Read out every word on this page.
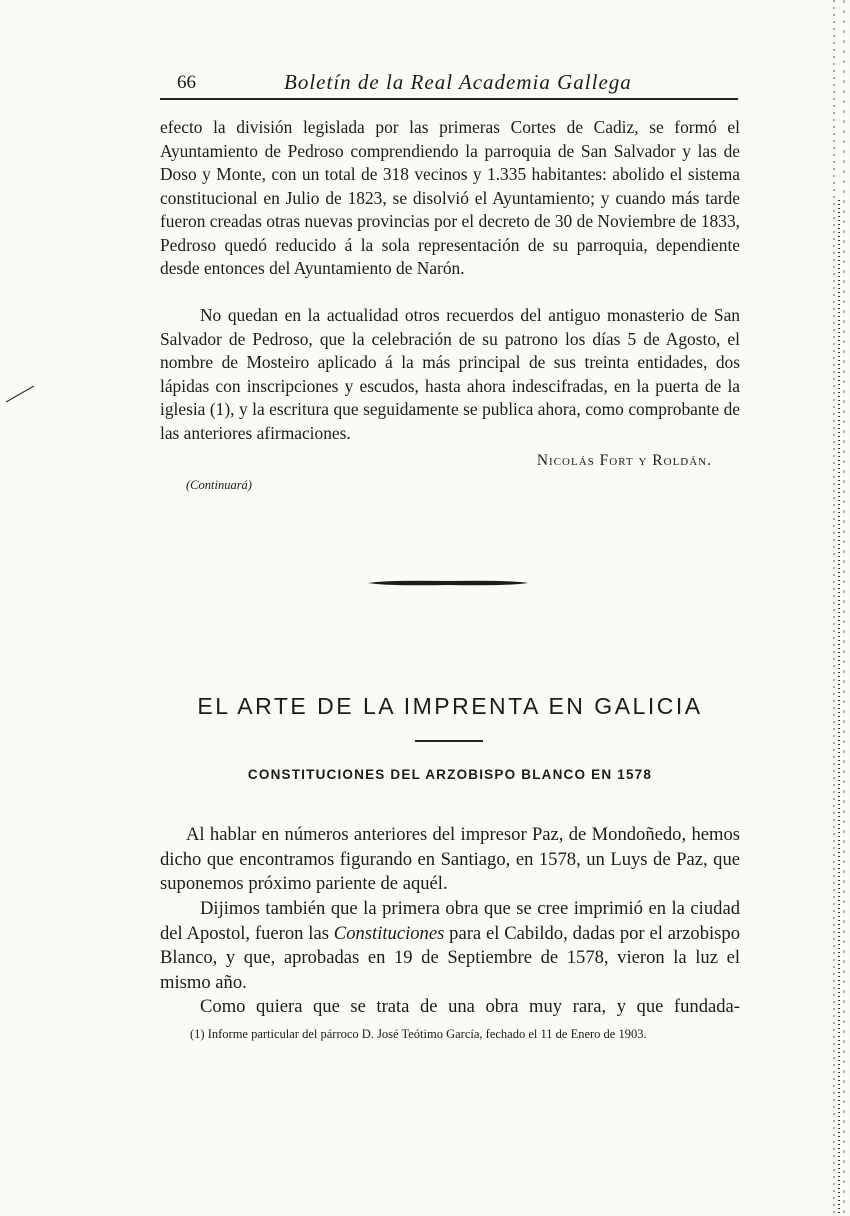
66	Boletín de la Real Academia Gallega

efecto la división legislada por las primeras Cortes de Cadiz, se formó el Ayuntamiento de Pedroso comprendiendo la parroquia de San Salvador y las de Doso y Monte, con un total de 318 vecinos y 1.335 habitantes: abolido el sistema constitucional en Julio de 1823, se disolvió el Ayuntamiento; y cuando más tarde fueron creadas otras nuevas provincias por el decreto de 30 de Noviembre de 1833, Pedroso quedó reducido á la sola representación de su parroquia, dependiente desde entonces del Ayuntamiento de Narón.

No quedan en la actualidad otros recuerdos del antiguo monasterio de San Salvador de Pedroso, que la celebración de su patrono los días 5 de Agosto, el nombre de Mosteiro aplicado á la más principal de sus treinta entidades, dos lápidas con inscripciones y escudos, hasta ahora indescifradas, en la puerta de la iglesia (1), y la escritura que seguidamente se publica ahora, como comprobante de las anteriores afirmaciones.

Nicolás Fort y Roldán.
(Continuará)
EL ARTE DE LA IMPRENTA EN GALICIA
CONSTITUCIONES DEL ARZOBISPO BLANCO EN 1578

Al hablar en números anteriores del impresor Paz, de Mondoñedo, hemos dicho que encontramos figurando en Santiago, en 1578, un Luys de Paz, que suponemos próximo pariente de aquél.

Dijimos también que la primera obra que se cree imprimió en la ciudad del Apostol, fueron las Constituciones para el Cabildo, dadas por el arzobispo Blanco, y que, aprobadas en 19 de Septiembre de 1578, vieron la luz el mismo año.

Como quiera que se trata de una obra muy rara, y que fundada-

(1) Informe particular del párroco D. José Teótimo García, fechado el 11 de Enero de 1903.
